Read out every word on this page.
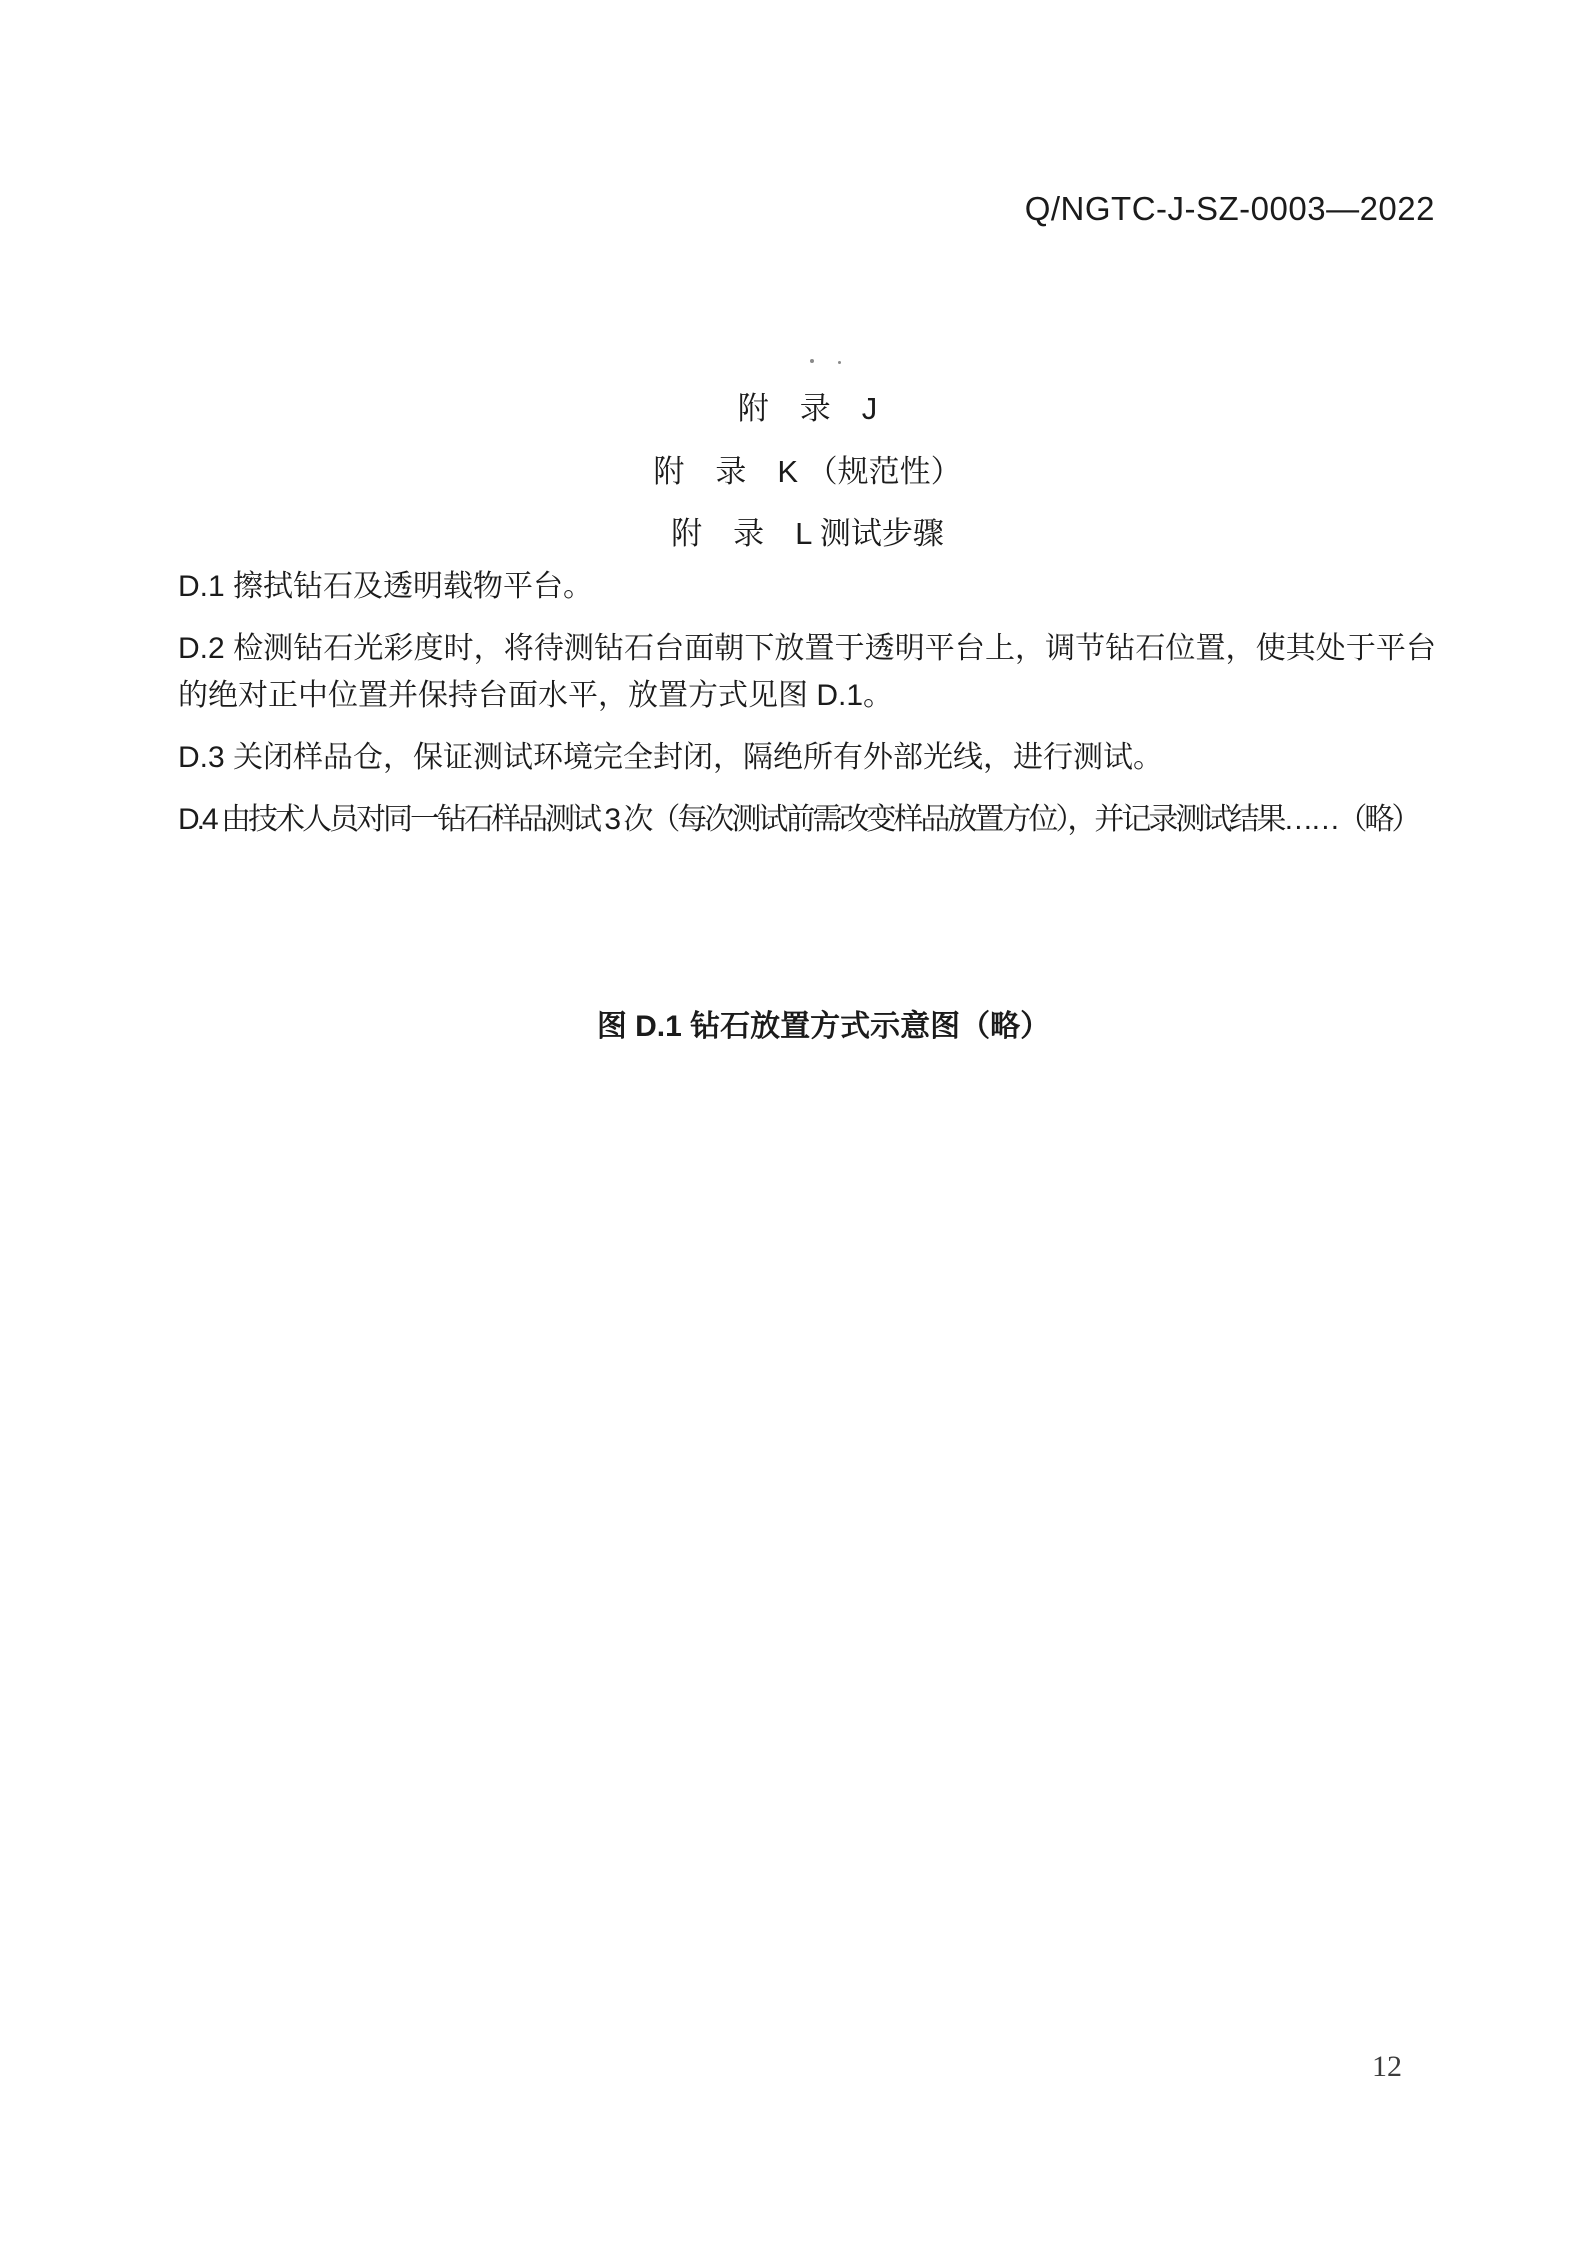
Q/NGTC-J-SZ-0003—2022
附　录　J
附　录　K （规范性）
附　录　L 测试步骤

D.1 擦拭钻石及透明载物平台。

D.2 检测钻石光彩度时，将待测钻石台面朝下放置于透明平台上，调节钻石位置，使其处于平台的绝对正中位置并保持台面水平，放置方式见图 D.1。

D.3 关闭样品仓，保证测试环境完全封闭，隔绝所有外部光线，进行测试。

D.4 由技术人员对同一钻石样品测试 3 次（每次测试前需改变样品放置方位），并记录测试结果……（略）

图 D.1 钻石放置方式示意图（略）
12
